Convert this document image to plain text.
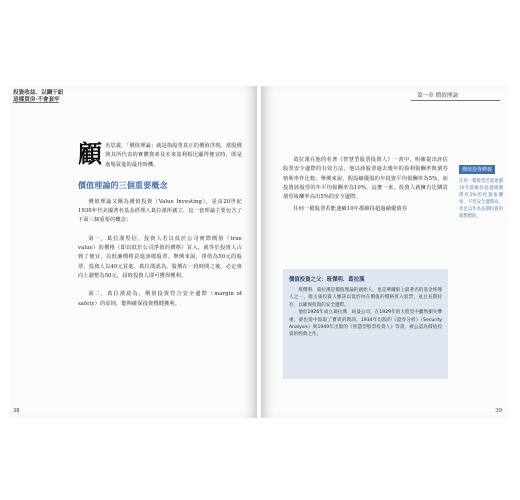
投資收益、以鋼干紐
這樣買房·不會套牢

顧名思義，「價值理論」就是指股票真正的價值浮現。當股價與其所代表的實體資產及未來盈利相比顯得便宜時，即是進場買進的最佳時機。

價值理論的三個重要概念

價值理論又稱為價值投資（Value Investing），是由20世紀1930年代美國著名基金經理人葛拉漢所創立，這一套理論主要包含了下面三個重要的概念：

第一，葛拉漢堅信，投資人若以低於公司實際價值（true value）的價格（即以低於公司淨值的價格）買入，就等於投資人占到了便宜，以低廉價格買進該檔股票。舉例來說，淨值為50元的股票，投資人以40元買進，葛拉漢認為，股價在一段時間之後，必定會向上調整為50元，屆時投資人即可獲得獲利。

第二，葛拉漢認為，價值投資符合安全邊際（margin of safety）的原則，能夠確保投資穩健獲利。

38
第一章 價值理論

葛拉漢在他的名著《智慧型股票投資人》一書中，明確提出評估股票安全邊際的有效方法，他以該股票過去幾年的盈利報酬率與債券殖利率作比較。舉例來說，假設績優股的年投資平均報酬率為5%，而投資該股票的年平均報酬率為10%，這麼一來，投資人就擁有比購買債券報酬率高出5%的安全邊際。

任何一檔股票若能連續10年都維持超過績優債券

價值投資釋義
任何一檔股票若能連續10年都維持超越績優債券5%的投資報酬率，不但安全邊際高，更足以作為長期投資的理想標的。
價值投資之父：班傑明．葛拉漢

班傑明．葛拉漢是價值理論的創始人，也是華爾街上最著名的基金經理人之一，他主張投資人應該以低於內在價值的價格買入股票，並且長期持有，以確保投資的安全邊際。

他於1926年成立葛拉漢．紐曼公司，在1929年的大股災中雖然損失慘重，卻也從中汲取了寶貴的教訓。1934年出版的《證券分析》（Security Analysis）與1949年出版的《智慧型股票投資人》等書，被公認為價值投資的經典之作。

39
